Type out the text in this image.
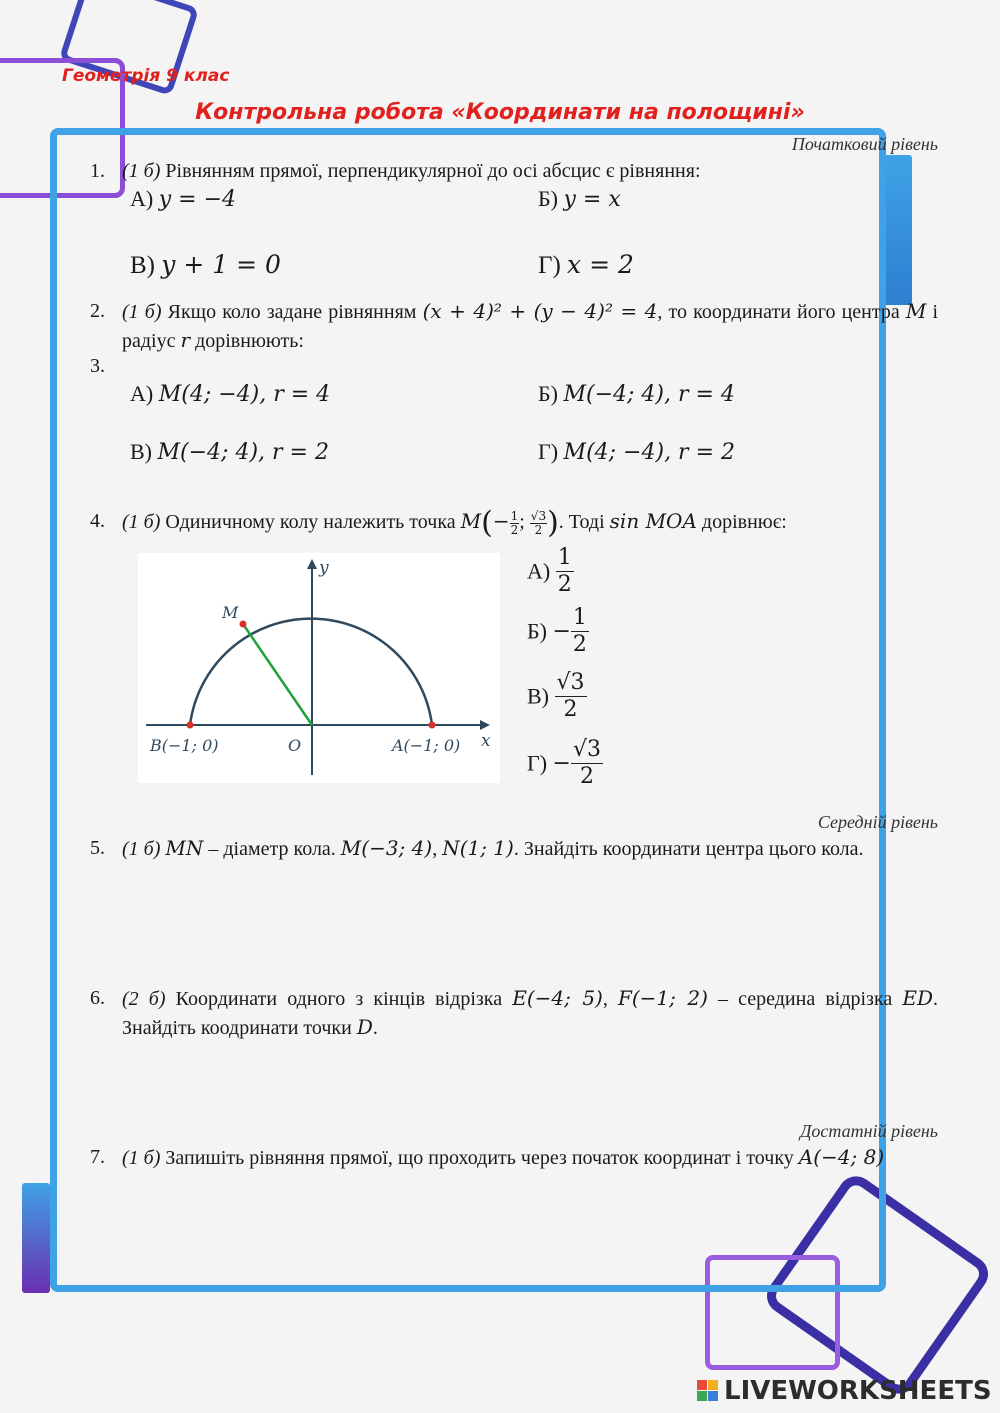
Геометрія 9 клас
Контрольна робота «Координати на полощині»
Початковий рівень
1. (1 б) Рівнянням прямої, перпендикулярної до осі абсцис є рівняння:
А) y = −4	Б) y = x
В) y + 1 = 0	Г) x = 2
2. (1 б) Якщо коло задане рівнянням (x + 4)² + (y − 4)² = 4, то координати його центра M і радіус r дорівнюють:
3.
А) M(4; −4), r = 4	Б) M(−4; 4), r = 4
В) M(−4; 4), r = 2	Г) M(4; −4), r = 2
4. (1 б) Одиничному колу належить точка $M(- \frac{1}{2}$ ; $\frac{√3}{2}$ ). Тоді sin MOA дорівнює:
y
x
M
O
B(−1; 0)	A(−1; 0)
$А) \frac{1}{2}$
$Б) - \frac{1}{2}$
$В) \frac{√3}{2}$
$Г) - \frac{√3}{2}$
Середній рівень
5. (1 б) MN – діаметр кола. M(−3; 4), N(1; 1). Знайдіть координати центра цього кола.
6. (2 б) Координати одного з кінців відрізка E(−4; 5), F(−1; 2) – середина відрізка ED. Знайдіть коодринати точки D.
Достатній рівень
7. (1 б) Запишіть рівняння прямої, що проходить через початок координат і точку A(−4; 8)
LIVEWORKSHEETS
